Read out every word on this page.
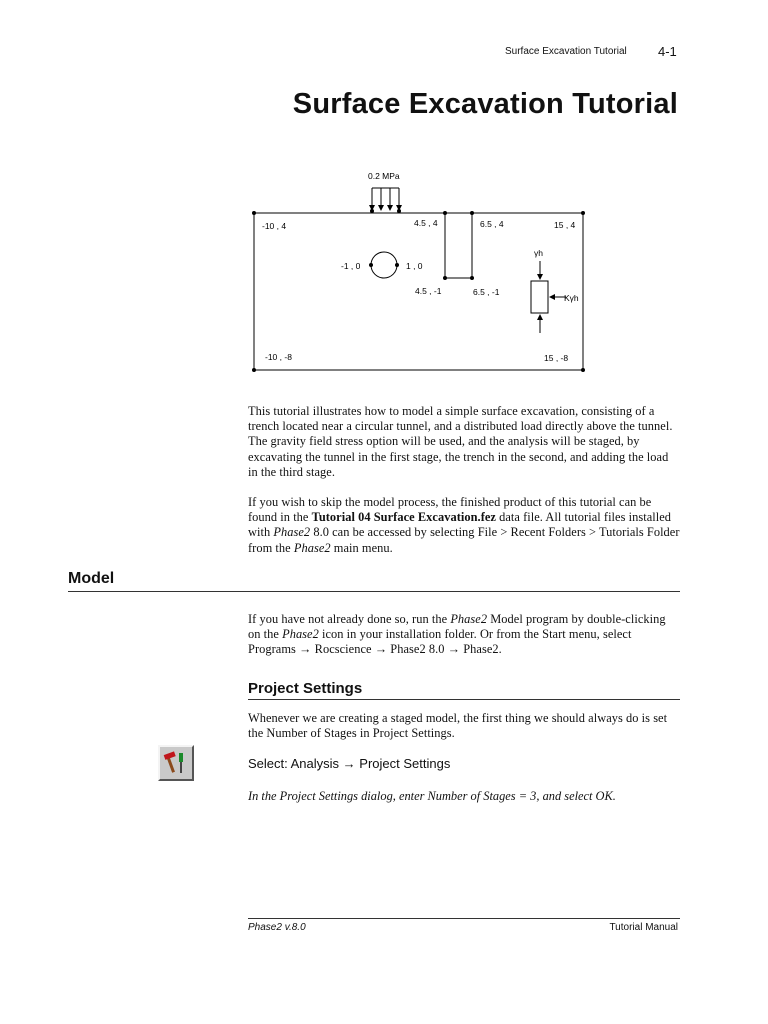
Surface Excavation Tutorial 4-1
Surface Excavation Tutorial
0.2 MPa
-10 , 4	4.5 , 4	6.5 , 4	15 , 4
-1 , 0	1 , 0
4.5 , -1	6.5 , -1
-10 , -8	15 , -8
γh
Kγh

This tutorial illustrates how to model a simple surface excavation, consisting of a trench located near a circular tunnel, and a distributed load directly above the tunnel. The gravity field stress option will be used, and the analysis will be staged, by excavating the tunnel in the first stage, the trench in the second, and adding the load in the third stage.

If you wish to skip the model process, the finished product of this tutorial can be found in the Tutorial 04 Surface Excavation.fez data file. All tutorial files installed with Phase2 8.0 can be accessed by selecting File > Recent Folders > Tutorials Folder from the Phase2 main menu.

Model
If you have not already done so, run the Phase2 Model program by double-clicking on the Phase2 icon in your installation folder. Or from the Start menu, select Programs → Rocscience → Phase2 8.0 → Phase2.
Project Settings
Whenever we are creating a staged model, the first thing we should always do is set the Number of Stages in Project Settings.
Select: Analysis → Project Settings
In the Project Settings dialog, enter Number of Stages = 3, and select OK.
Phase2 v.8.0	Tutorial Manual
